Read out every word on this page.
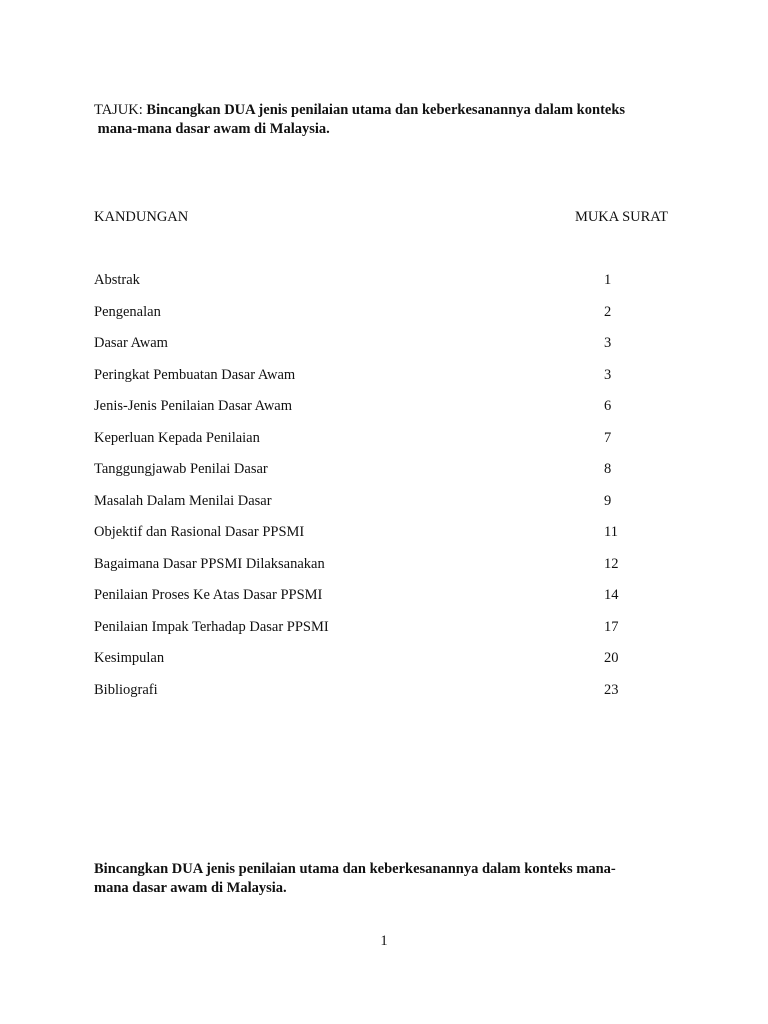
TAJUK: Bincangkan DUA jenis penilaian utama dan keberkesanannya dalam konteks
mana-mana dasar awam di Malaysia.
KANDUNGAN	MUKA SURAT
Abstrak	1
Pengenalan	2
Dasar Awam	3
Peringkat Pembuatan Dasar Awam	3
Jenis-Jenis Penilaian Dasar Awam	6
Keperluan Kepada Penilaian	7
Tanggungjawab Penilai Dasar	8
Masalah Dalam Menilai Dasar	9
Objektif dan Rasional Dasar PPSMI	11
Bagaimana Dasar PPSMI Dilaksanakan	12
Penilaian Proses Ke Atas Dasar PPSMI	14
Penilaian Impak Terhadap Dasar PPSMI	17
Kesimpulan	20
Bibliografi	23
Bincangkan DUA jenis penilaian utama dan keberkesanannya dalam konteks mana-
mana dasar awam di Malaysia.
1
